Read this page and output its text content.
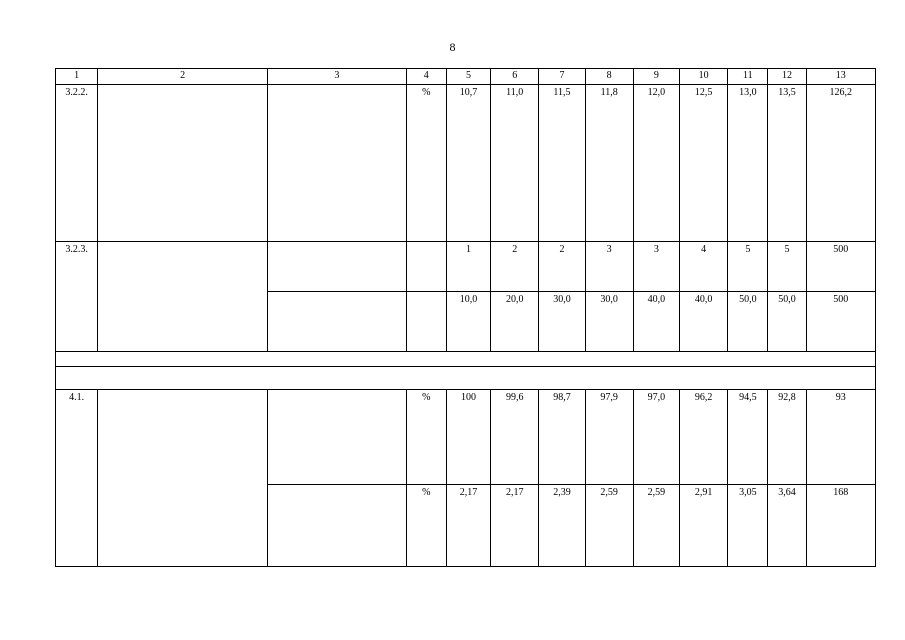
8
1	2	3	4	5	6	7	8	9	10	11	12	13
3.2.2.			%	10,7	11,0	11,5	11,8	12,0	12,5	13,0	13,5	126,2
3.2.3.				1	2	2	3	3	4	5	5	500
				10,0	20,0	30,0	30,0	40,0	40,0	50,0	50,0	500

4.1.			%	100	99,6	98,7	97,9	97,0	96,2	94,5	92,8	93
			%	2,17	2,17	2,39	2,59	2,59	2,91	3,05	3,64	168
